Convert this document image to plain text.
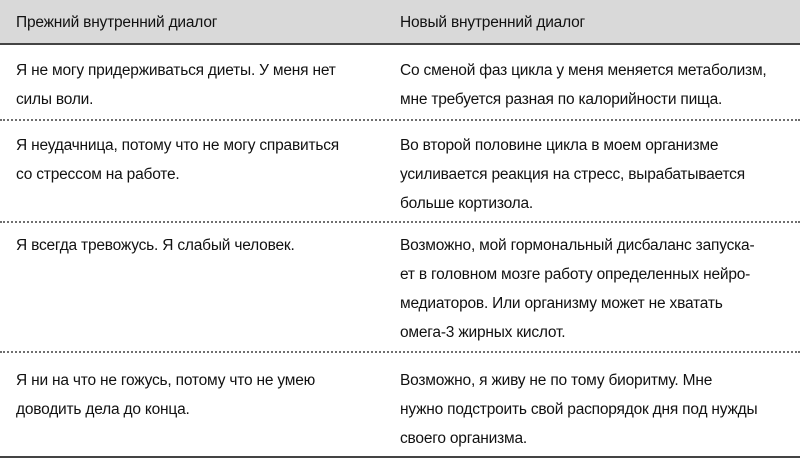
Прежний внутренний диалог	Новый внутренний диалог

Я не могу придерживаться диеты. У меня нет
силы воли.

Со сменой фаз цикла у меня меняется метаболизм,
мне требуется разная по калорийности пища.

Я неудачница, потому что не могу справиться
со стрессом на работе.

Во второй половине цикла в моем организме
усиливается реакция на стресс, вырабатывается
больше кортизола.

Я всегда тревожусь. Я слабый человек.	Возможно, мой гормональный дисбаланс запуска-
ет в головном мозге работу определенных нейро-
медиаторов. Или организму может не хватать
омега-3 жирных кислот.

Я ни на что не гожусь, потому что не умею
доводить дела до конца.

Возможно, я живу не по тому биоритму. Мне
нужно подстроить свой распорядок дня под нужды
своего организма.
